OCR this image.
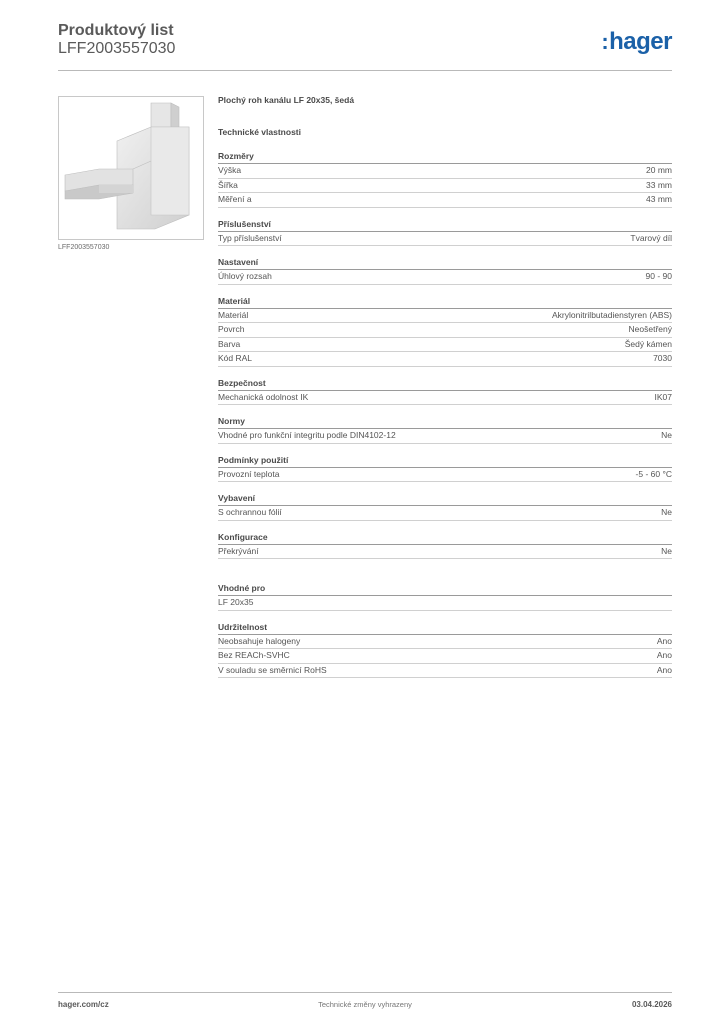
Produktový list
LFF2003557030	:hager
LFF2003557030
Plochý roh kanálu LF 20x35, šedá
Technické vlastnosti
Rozměry
Výška	20 mm
Šířka	33 mm
Měření a	43 mm
Příslušenství
Typ příslušenství	Tvarový díl
Nastavení
Úhlový rozsah	90 - 90
Materiál
Materiál	Akrylonitrilbutadienstyren (ABS)
Povrch	Neošetřený
Barva	Šedý kámen
Kód RAL	7030
Bezpečnost
Mechanická odolnost IK	IK07
Normy
Vhodné pro funkční integritu podle DIN4102-12	Ne
Podmínky použití
Provozní teplota	-5 - 60 °C
Vybavení
S ochrannou fólií	Ne
Konfigurace
Překrývání	Ne
Vhodné pro
LF 20x35
Udržitelnost
Neobsahuje halogeny	Ano
Bez REACh-SVHC	Ano
V souladu se směrnicí RoHS	Ano
hager.com/cz	Technické změny vyhrazeny	03.04.2026
